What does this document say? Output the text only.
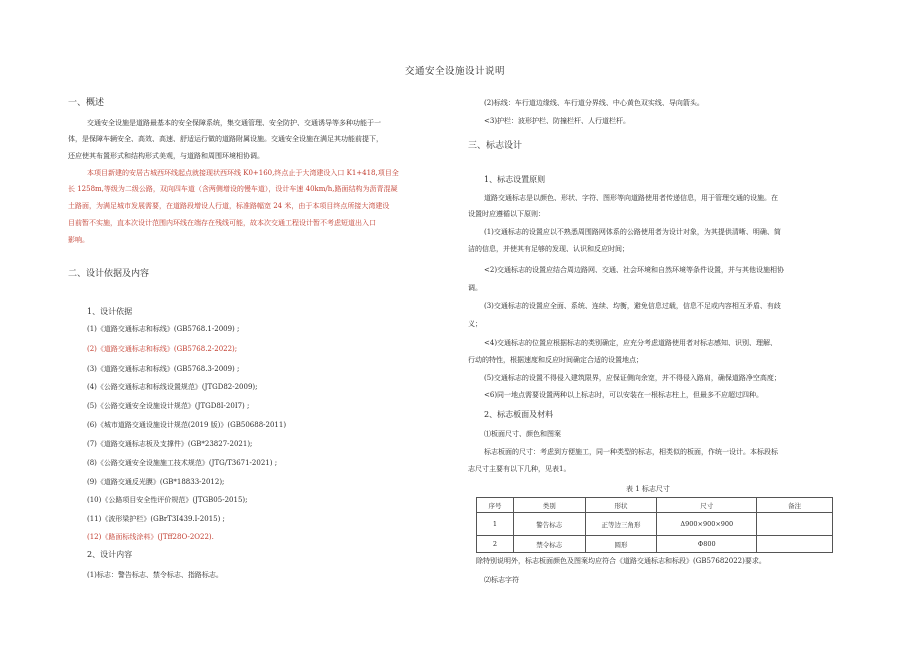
交通安全设施设计说明
一、概述
交通安全设施是道路最基本的安全保障系统，集交通管理、安全防护、交通诱导等多种功能于一
体，是保障车辆安全、高效、高速、舒适运行做的道路附属设施。交通安全设施在满足其功能前提下，
还应使其布置形式和结构形式美观，与道路和周围环境相协调。
本项目新建的安居古城西环线起点就接现状西环线 K0+160,终点止于大湾建设入口 K1+418,项目全
长 1258m,等级为二级公路，双向四车道（含两侧增设的慢车道），设计车速 40km/h,路面结构为沥青混凝
土路面，为满足城市发展需要，在道路段增设人行道，标准路幅宽 24 米，由于本项目终点所接大湾建设
目前暂不实施，直本次设计范围内环线在端存在残线可能，故本次交通工程设计暂不考虑短道出入口
影响。
二、设计依据及内容
1、设计依据
(1)《道路交通标志和标线》(GB5768.1-2009) ;
(2)《道路交通标志和标线》(GB5768.2-2022);
(3)《道路交通标志和标线》(GB5768.3-2009) ;
(4)《公路交通标志和标线设置规范》(JTGD82-2009);
(5)《公路交通安全设施设计规范》(JTGD8I-20I7) ;
(6)《城市道路交通设施设计规范(2019 版)》(GB50688-2011)
(7)《道路交通标志板及支撑件》(GB*23827-2021);
(8)《公路交通安全设施施工技术规范》(JTG/T3671-2021) ;
(9)《道路交通反光膜》(GB*18833-2012);
(10)《公路项目安全性评价规范》(JTGB05-2015);
(11)《波形梁护栏》(GBrT3I439.I-2015) ;
(12)《路面标线涂料》(JTff28O-2O22).
2、设计内容
(1)标志：警告标志、禁令标志、指路标志。
(2)标线：车行道边缘线、车行道分界线、中心黄色双实线、导向箭头。
<3)护栏：波形护栏、防撞栏杆、人行道栏杆。
三、标志设计
1、标志设置原则
道路交通标志是以颜色、形状、字符、图形等向道路使用者传递信息，用于管理交通的设施。在
设置时应遵循以下原则：
(1)交通标志的设置应以不熟悉周围路网体系的公路使用者为设计对象，为其提供清晰、明确、简
洁的信息，并使其有足够的发现、认识和反应时间；
<2)交通标志的设置应结合周边路网、交通、社会环境和自然环境等条件设置，并与其他设施相协
调。
(3)交通标志的设置应全面、系统、连续、均衡，避免信息过载，信息不足或内容相互矛盾、有歧
义；
<4)交通标志的位置应根据标志的类别确定，应充分考虑道路使用者对标志感知、识别、理解、
行动的特性，根据速度和反应时间确定合适的设置地点；
(5)交通标志的设置不得侵入建筑限界，应保证侧向余宽，并不得侵入路肩，确保道路净空高度；
<6)同一地点需要设置两种以上标志时，可以安装在一根标志柱上，但最多不应超过四种。
2、标志板面及材料
⑴板面尺寸、颜色和图案
标志板面的尺寸：考虑到方便施工，同一种类型的标志，相类似的板面，作统一设计。本标段标
志尺寸主要有以下几种，见表1。
表 1 标志尺寸
序号	类别	形状	尺寸	备注
1	警告标志	正等边三角形	Δ900×900×900	
2	禁令标志	圆形	Φ800	
除特别说明外，标志板面颜色及图案均应符合《道路交通标志和标段》(GB57682022)要求。
⑵标志字符
